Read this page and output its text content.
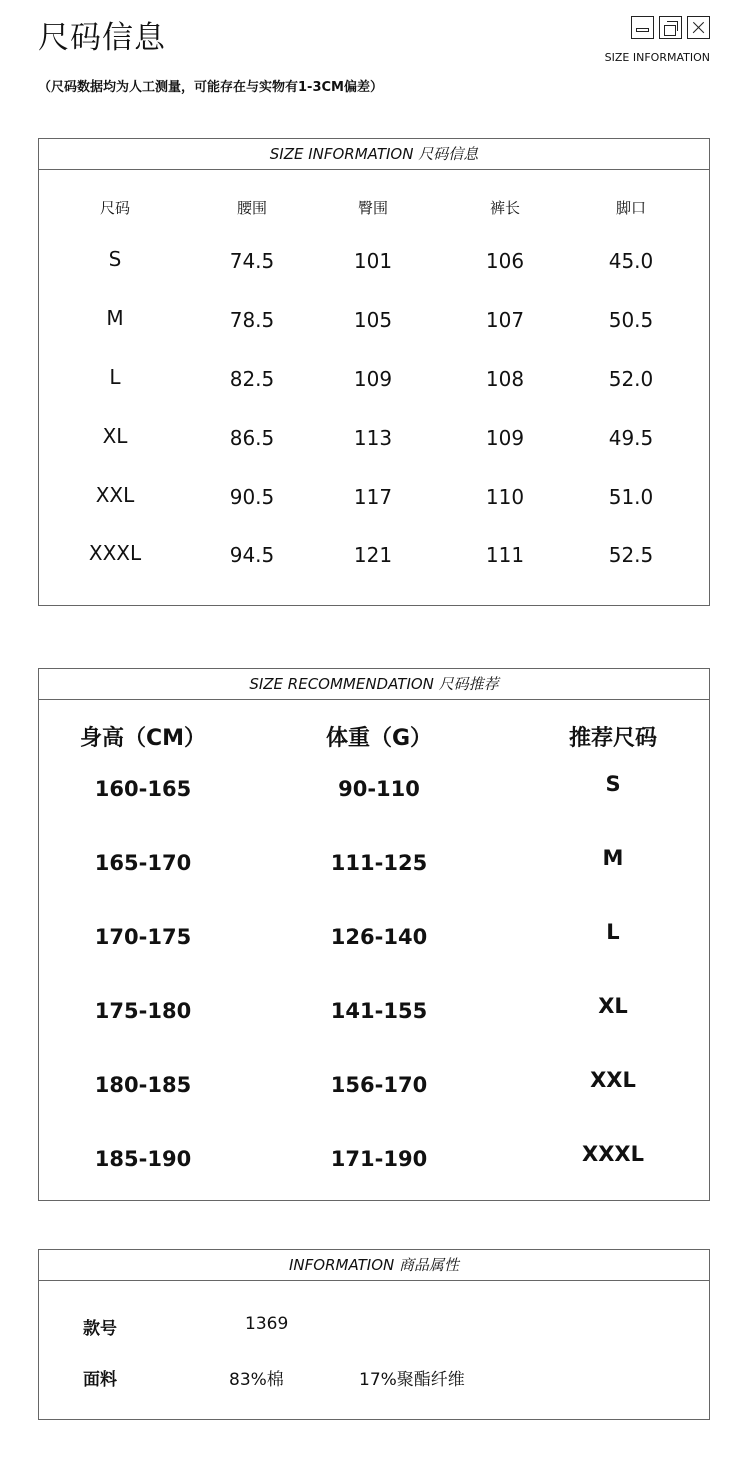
尺码信息
（尺码数据均为人工测量，可能存在与实物有1-3CM偏差）
SIZE INFORMATION
SIZE INFORMATION 尺码信息
尺码	腰围	臀围	裤长	脚口
S	74.5	101	106	45.0
M	78.5	105	107	50.5
L	82.5	109	108	52.0
XL	86.5	113	109	49.5
XXL	90.5	117	110	51.0
XXXL	94.5	121	111	52.5
SIZE RECOMMENDATION 尺码推荐
身高（CM）	体重（G）	推荐尺码
160-165	90-110	S
165-170	111-125	M
170-175	126-140	L
175-180	141-155	XL
180-185	156-170	XXL
185-190	171-190	XXXL
INFORMATION 商品属性
款号	1369
面料	83%棉	17%聚酯纤维
